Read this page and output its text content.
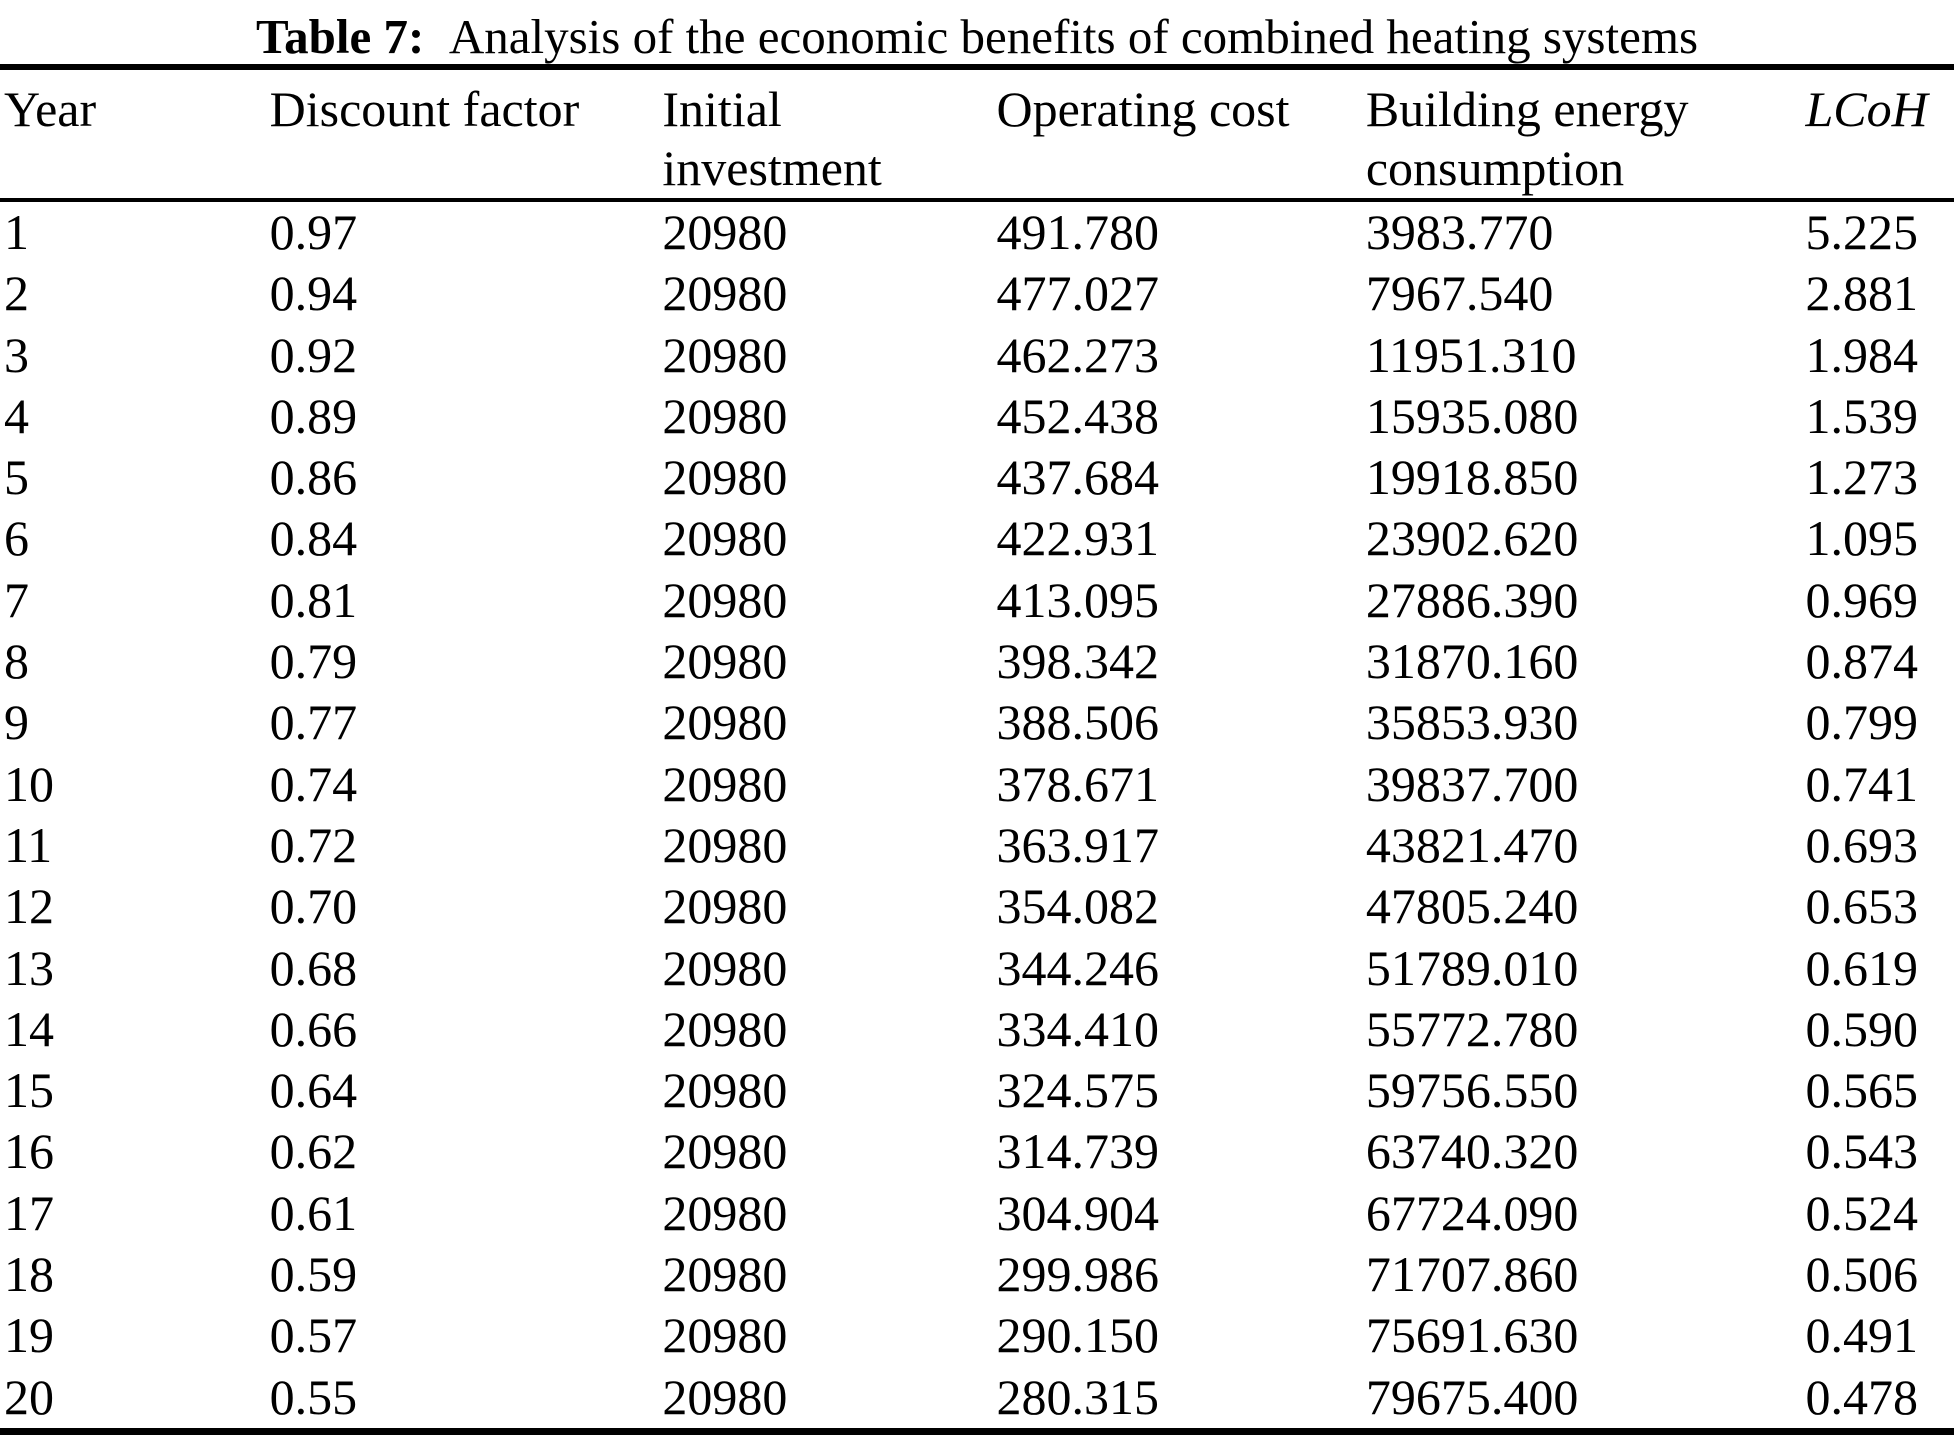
Table 7: Analysis of the economic benefits of combined heating systems
Year	Discount factor	Initial investment	Operating cost	Building energy consumption	LCoH
1	0.97	20980	491.780	3983.770	5.225
2	0.94	20980	477.027	7967.540	2.881
3	0.92	20980	462.273	11951.310	1.984
4	0.89	20980	452.438	15935.080	1.539
5	0.86	20980	437.684	19918.850	1.273
6	0.84	20980	422.931	23902.620	1.095
7	0.81	20980	413.095	27886.390	0.969
8	0.79	20980	398.342	31870.160	0.874
9	0.77	20980	388.506	35853.930	0.799
10	0.74	20980	378.671	39837.700	0.741
11	0.72	20980	363.917	43821.470	0.693
12	0.70	20980	354.082	47805.240	0.653
13	0.68	20980	344.246	51789.010	0.619
14	0.66	20980	334.410	55772.780	0.590
15	0.64	20980	324.575	59756.550	0.565
16	0.62	20980	314.739	63740.320	0.543
17	0.61	20980	304.904	67724.090	0.524
18	0.59	20980	299.986	71707.860	0.506
19	0.57	20980	290.150	75691.630	0.491
20	0.55	20980	280.315	79675.400	0.478
